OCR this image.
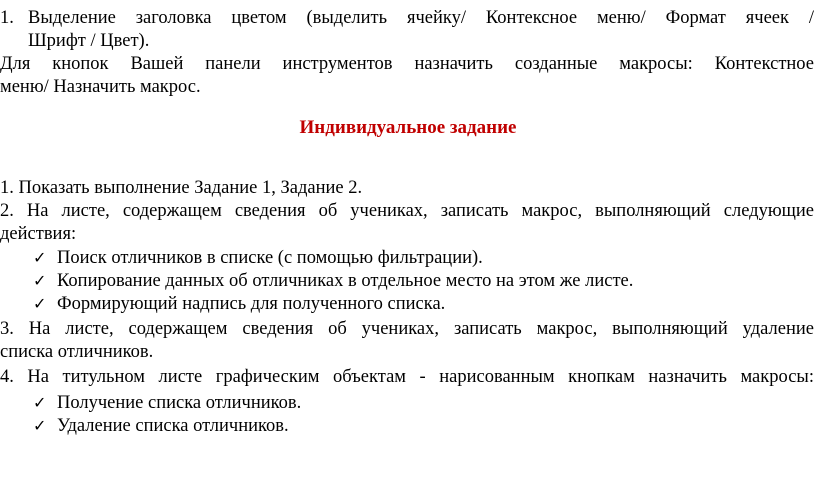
1. Выделение заголовка цветом (выделить ячейку/ Контексное меню/ Формат ячеек /
Шрифт / Цвет).
Для кнопок Вашей панели инструментов назначить созданные макросы: Контекстное
меню/ Назначить макрос.
Индивидуальное задание
1. Показать выполнение Задание 1, Задание 2.
2. На листе, содержащем сведения об учениках, записать макрос, выполняющий следующие
действия:
✓ Поиск отличников в списке (с помощью фильтрации).
✓ Копирование данных об отличниках в отдельное место на этом же листе.
✓ Формирующий надпись для полученного списка.
3. На листе, содержащем сведения об учениках, записать макрос, выполняющий удаление
списка отличников.
4. На титульном листе графическим объектам - нарисованным кнопкам назначить макросы:
✓ Получение списка отличников.
✓ Удаление списка отличников.
